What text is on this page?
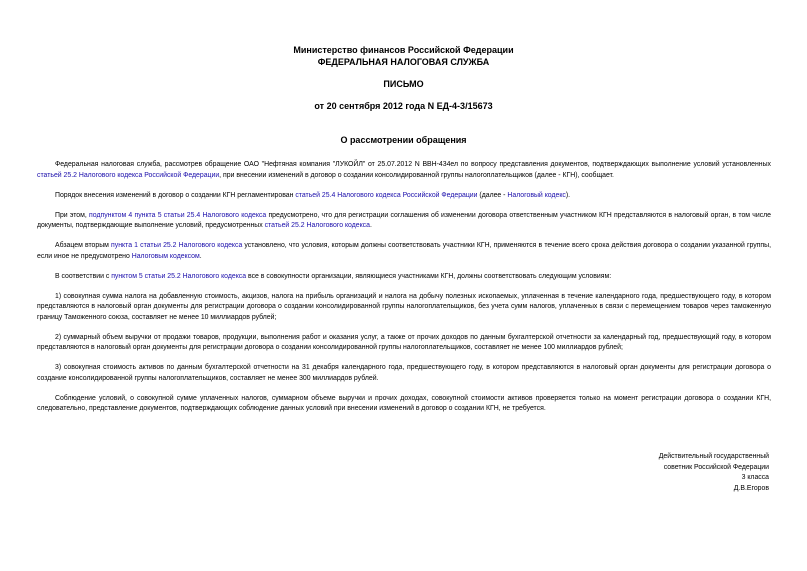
Министерство финансов Российской Федерации
ФЕДЕРАЛЬНАЯ НАЛОГОВАЯ СЛУЖБА
ПИСЬМО
от 20 сентября 2012 года N ЕД-4-3/15673
О рассмотрении обращения

Федеральная налоговая служба, рассмотрев обращение ОАО "Нефтяная компания "ЛУКОЙЛ" от 25.07.2012 N ВВН-434ел по вопросу представления документов, подтверждающих выполнение условий установленных статьей 25.2 Налогового кодекса Российской Федерации, при внесении изменений в договор о создании консолидированной группы налогоплательщиков (далее - КГН), сообщает.

Порядок внесения изменений в договор о создании КГН регламентирован статьей 25.4 Налогового кодекса Российской Федерации (далее - Налоговый кодекс).

При этом, подпунктом 4 пункта 5 статьи 25.4 Налогового кодекса предусмотрено, что для регистрации соглашения об изменении договора ответственным участником КГН представляются в налоговый орган, в том числе документы, подтверждающие выполнение условий, предусмотренных статьей 25.2 Налогового кодекса.

Абзацем вторым пункта 1 статьи 25.2 Налогового кодекса установлено, что условия, которым должны соответствовать участники КГН, применяются в течение всего срока действия договора о создании указанной группы, если иное не предусмотрено Налоговым кодексом.

В соответствии с пунктом 5 статьи 25.2 Налогового кодекса все в совокупности организации, являющиеся участниками КГН, должны соответствовать следующим условиям:

1) совокупная сумма налога на добавленную стоимость, акцизов, налога на прибыль организаций и налога на добычу полезных ископаемых, уплаченная в течение календарного года, предшествующего году, в котором представляются в налоговый орган документы для регистрации договора о создании консолидированной группы налогоплательщиков, без учета сумм налогов, уплаченных в связи с перемещением товаров через таможенную границу Таможенного союза, составляет не менее 10 миллиардов рублей;

2) суммарный объем выручки от продажи товаров, продукции, выполнения работ и оказания услуг, а также от прочих доходов по данным бухгалтерской отчетности за календарный год, предшествующий году, в котором представляются в налоговый орган документы для регистрации договора о создании консолидированной группы налогоплательщиков, составляет не менее 100 миллиардов рублей;

3) совокупная стоимость активов по данным бухгалтерской отчетности на 31 декабря календарного года, предшествующего году, в котором представляются в налоговый орган документы для регистрации договора о создание консолидированной группы налогоплательщиков, составляет не менее 300 миллиардов рублей.

Соблюдение условий, о совокупной сумме уплаченных налогов, суммарном объеме выручки и прочих доходах, совокупной стоимости активов проверяется только на момент регистрации договора о создании КГН, следовательно, представление документов, подтверждающих соблюдение данных условий при внесении изменений в договор о создании КГН, не требуется.

Действительный государственный
советник Российской Федерации
3 класса
Д.В.Егоров
